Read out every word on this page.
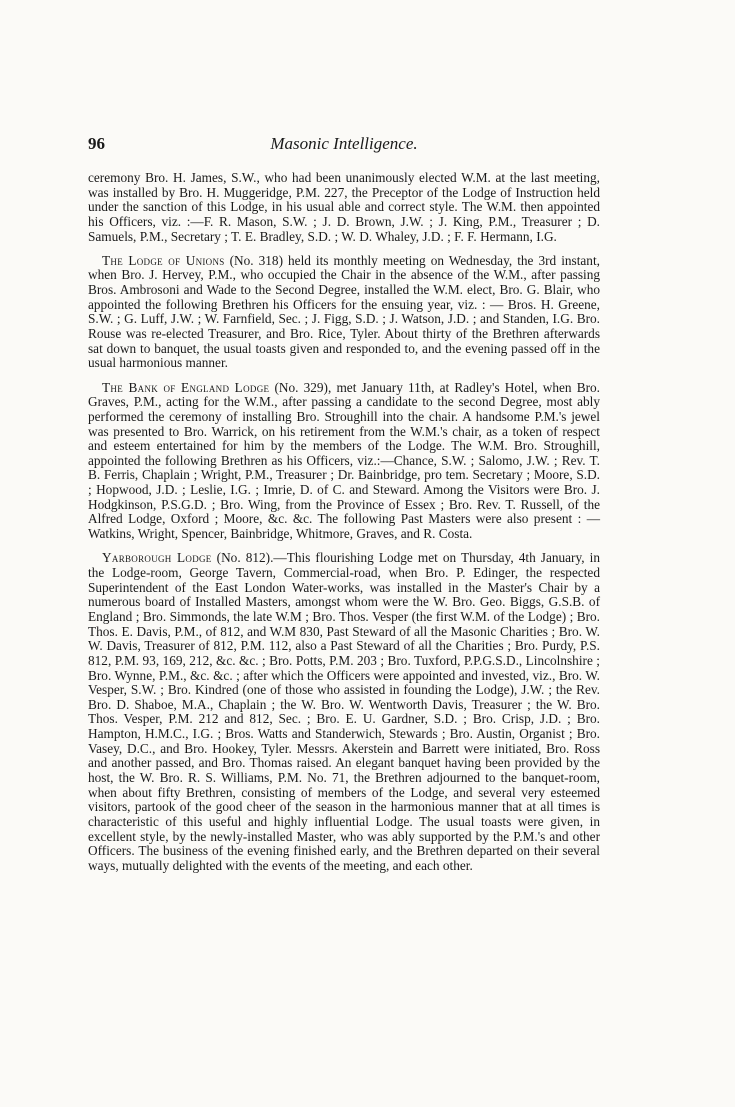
96	Masonic Intelligence.

ceremony Bro. H. James, S.W., who had been unanimously elected W.M. at the last meeting, was installed by Bro. H. Muggeridge, P.M. 227, the Preceptor of the Lodge of Instruction held under the sanction of this Lodge, in his usual able and correct style. The W.M. then appointed his Officers, viz. :—F. R. Mason, S.W. ; J. D. Brown, J.W. ; J. King, P.M., Treasurer ; D. Samuels, P.M., Secretary ; T. E. Bradley, S.D. ; W. D. Whaley, J.D. ; F. F. Hermann, I.G.

The Lodge of Unions (No. 318) held its monthly meeting on Wednesday, the 3rd instant, when Bro. J. Hervey, P.M., who occupied the Chair in the absence of the W.M., after passing Bros. Ambrosoni and Wade to the Second Degree, installed the W.M. elect, Bro. G. Blair, who appointed the following Brethren his Officers for the ensuing year, viz. : — Bros. H. Greene, S.W. ; G. Luff, J.W. ; W. Farnfield, Sec. ; J. Figg, S.D. ; J. Watson, J.D. ; and Standen, I.G. Bro. Rouse was re-elected Treasurer, and Bro. Rice, Tyler. About thirty of the Brethren afterwards sat down to banquet, the usual toasts given and responded to, and the evening passed off in the usual harmonious manner.

The Bank of England Lodge (No. 329), met January 11th, at Radley's Hotel, when Bro. Graves, P.M., acting for the W.M., after passing a candidate to the second Degree, most ably performed the ceremony of installing Bro. Stroughill into the chair. A handsome P.M.'s jewel was presented to Bro. Warrick, on his retirement from the W.M.'s chair, as a token of respect and esteem entertained for him by the members of the Lodge. The W.M. Bro. Stroughill, appointed the following Brethren as his Officers, viz.:—Chance, S.W. ; Salomo, J.W. ; Rev. T. B. Ferris, Chaplain ; Wright, P.M., Treasurer ; Dr. Bainbridge, pro tem. Secretary ; Moore, S.D. ; Hopwood, J.D. ; Leslie, I.G. ; Imrie, D. of C. and Steward. Among the Visitors were Bro. J. Hodgkinson, P.S.G.D. ; Bro. Wing, from the Province of Essex ; Bro. Rev. T. Russell, of the Alfred Lodge, Oxford ; Moore, &c. &c. The following Past Masters were also present : —Watkins, Wright, Spencer, Bainbridge, Whitmore, Graves, and R. Costa.

Yarborough Lodge (No. 812).—This flourishing Lodge met on Thursday, 4th January, in the Lodge-room, George Tavern, Commercial-road, when Bro. P. Edinger, the respected Superintendent of the East London Water-works, was installed in the Master's Chair by a numerous board of Installed Masters, amongst whom were the W. Bro. Geo. Biggs, G.S.B. of England ; Bro. Simmonds, the late W.M ; Bro. Thos. Vesper (the first W.M. of the Lodge) ; Bro. Thos. E. Davis, P.M., of 812, and W.M 830, Past Steward of all the Masonic Charities ; Bro. W. W. Davis, Treasurer of 812, P.M. 112, also a Past Steward of all the Charities ; Bro. Purdy, P.S. 812, P.M. 93, 169, 212, &c. &c. ; Bro. Potts, P.M. 203 ; Bro. Tuxford, P.P.G.S.D., Lincolnshire ; Bro. Wynne, P.M., &c. &c. ; after which the Officers were appointed and invested, viz., Bro. W. Vesper, S.W. ; Bro. Kindred (one of those who assisted in founding the Lodge), J.W. ; the Rev. Bro. D. Shaboe, M.A., Chaplain ; the W. Bro. W. Wentworth Davis, Treasurer ; the W. Bro. Thos. Vesper, P.M. 212 and 812, Sec. ; Bro. E. U. Gardner, S.D. ; Bro. Crisp, J.D. ; Bro. Hampton, H.M.C., I.G. ; Bros. Watts and Standerwich, Stewards ; Bro. Austin, Organist ; Bro. Vasey, D.C., and Bro. Hookey, Tyler. Messrs. Akerstein and Barrett were initiated, Bro. Ross and another passed, and Bro. Thomas raised. An elegant banquet having been provided by the host, the W. Bro. R. S. Williams, P.M. No. 71, the Brethren adjourned to the banquet-room, when about fifty Brethren, consisting of members of the Lodge, and several very esteemed visitors, partook of the good cheer of the season in the harmonious manner that at all times is characteristic of this useful and highly influential Lodge. The usual toasts were given, in excellent style, by the newly-installed Master, who was ably supported by the P.M.'s and other Officers. The business of the evening finished early, and the Brethren departed on their several ways, mutually delighted with the events of the meeting, and each other.
